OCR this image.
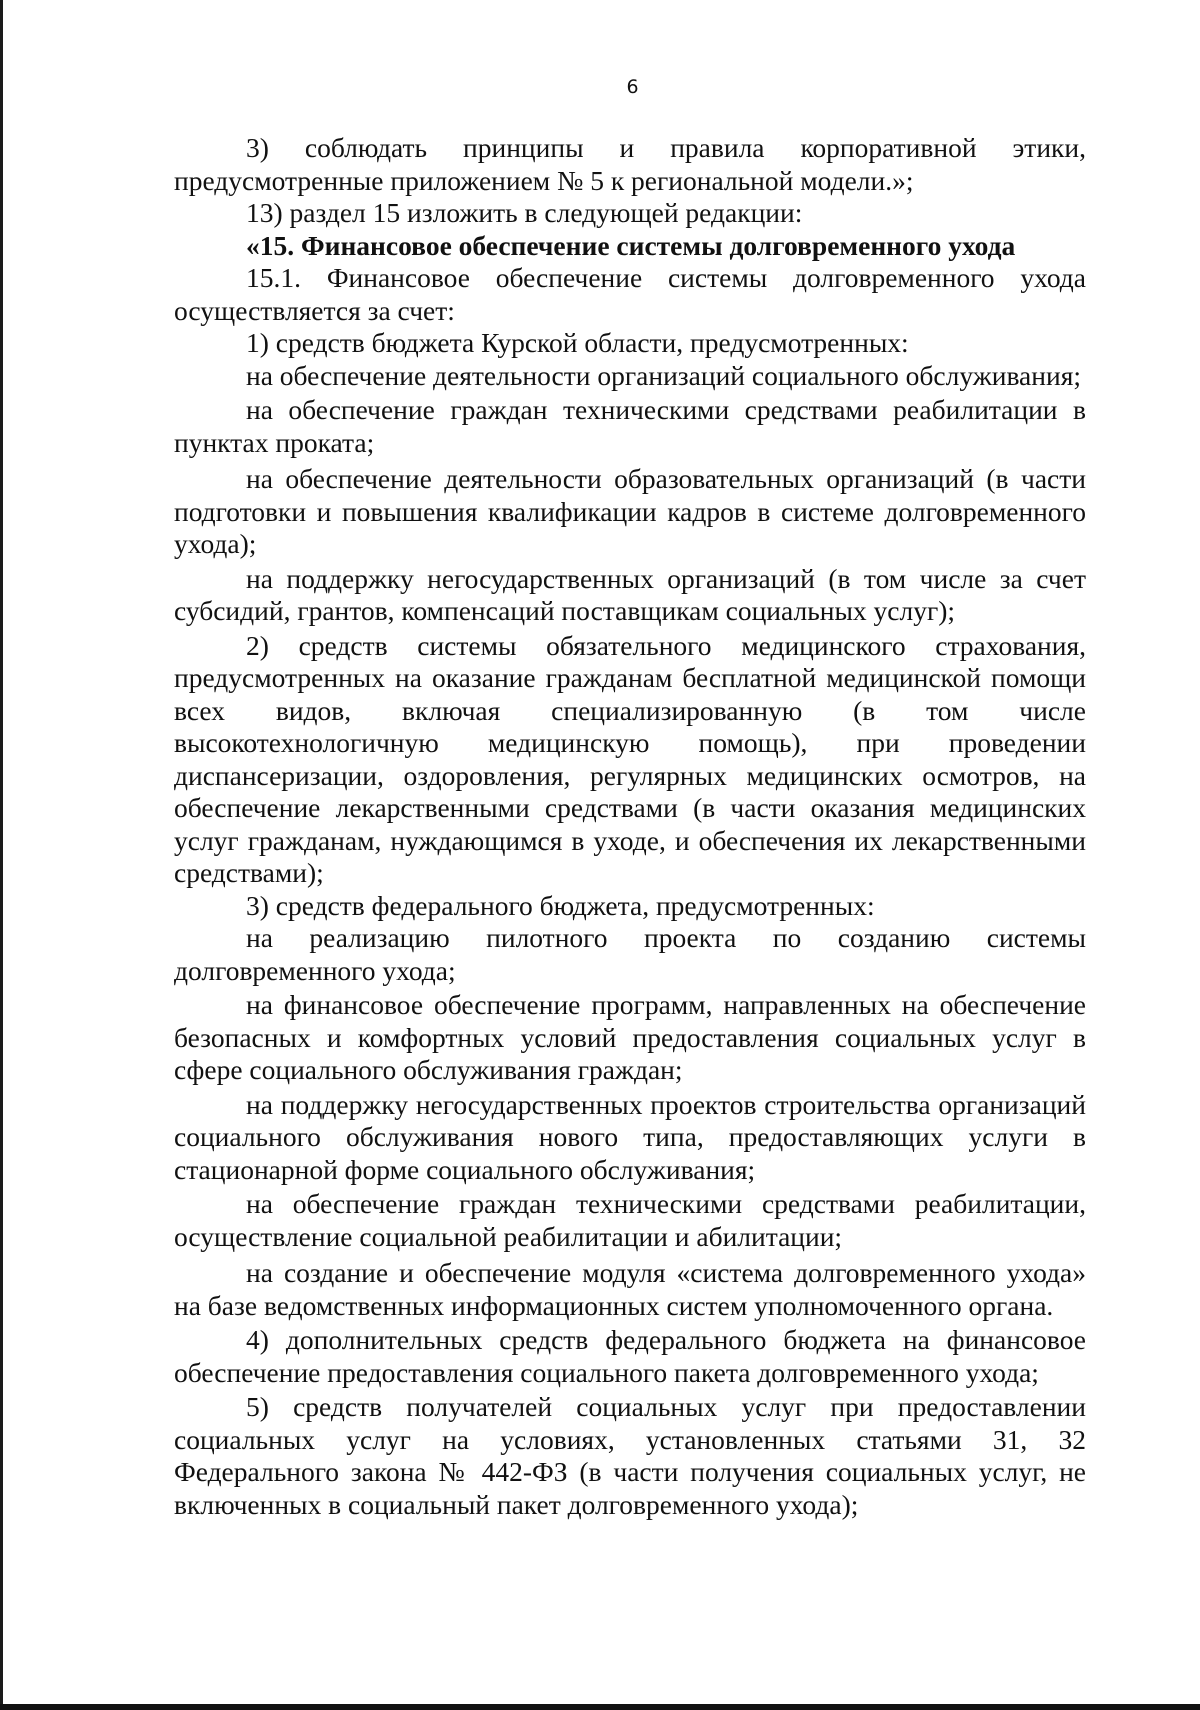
6

3) соблюдать принципы и правила корпоративной этики, предусмотренные приложением № 5 к региональной модели.»;

13) раздел 15 изложить в следующей редакции:

«15. Финансовое обеспечение системы долговременного ухода

15.1. Финансовое обеспечение системы долговременного ухода осуществляется за счет:

1) средств бюджета Курской области, предусмотренных:

на обеспечение деятельности организаций социального обслуживания;

на обеспечение граждан техническими средствами реабилитации в пунктах проката;

на обеспечение деятельности образовательных организаций (в части подготовки и повышения квалификации кадров в системе долговременного ухода);

на поддержку негосударственных организаций (в том числе за счет субсидий, грантов, компенсаций поставщикам социальных услуг);

2) средств системы обязательного медицинского страхования, предусмотренных на оказание гражданам бесплатной медицинской помощи всех видов, включая специализированную (в том числе высокотехнологичную медицинскую помощь), при проведении диспансеризации, оздоровления, регулярных медицинских осмотров, на обеспечение лекарственными средствами (в части оказания медицинских услуг гражданам, нуждающимся в уходе, и обеспечения их лекарственными средствами);

3) средств федерального бюджета, предусмотренных:

на реализацию пилотного проекта по созданию системы долговременного ухода;

на финансовое обеспечение программ, направленных на обеспечение безопасных и комфортных условий предоставления социальных услуг в сфере социального обслуживания граждан;

на поддержку негосударственных проектов строительства организаций социального обслуживания нового типа, предоставляющих услуги в стационарной форме социального обслуживания;

на обеспечение граждан техническими средствами реабилитации, осуществление социальной реабилитации и абилитации;

на создание и обеспечение модуля «система долговременного ухода» на базе ведомственных информационных систем уполномоченного органа.

4) дополнительных средств федерального бюджета на финансовое обеспечение предоставления социального пакета долговременного ухода;

5) средств получателей социальных услуг при предоставлении социальных услуг на условиях, установленных статьями 31, 32 Федерального закона № 442-ФЗ (в части получения социальных услуг, не включенных в социальный пакет долговременного ухода);
